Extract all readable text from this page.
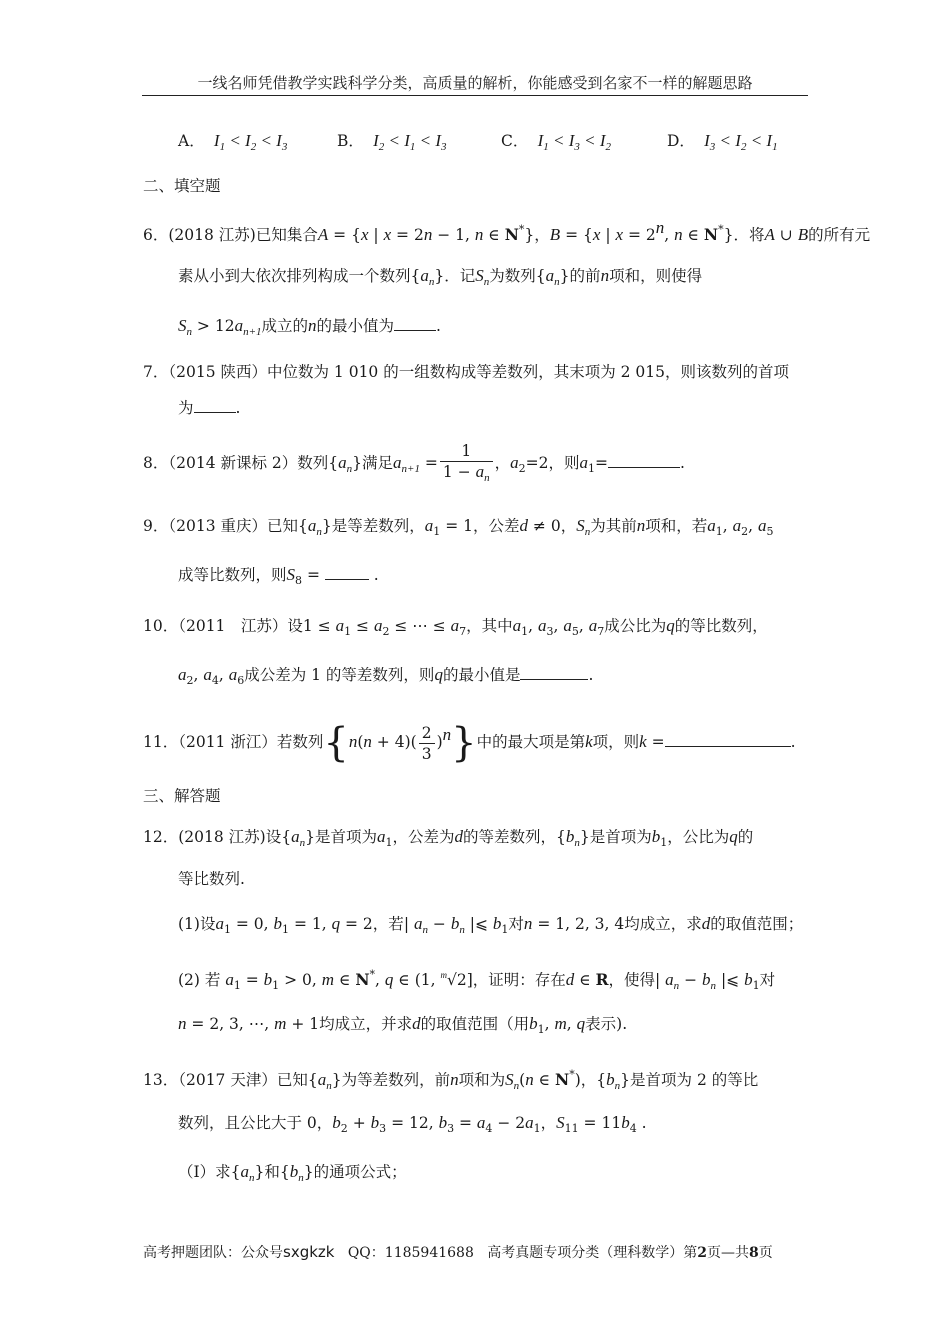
一线名师凭借教学实践科学分类，高质量的解析，你能感受到名家不一样的解题思路
A．  $I_1 < I_2 < I_3$	B．  $I_2 < I_1 < I_3$	C．  $I_1 < I_3 < I_2$	D．  $I_3 < I_2 < I_1$
二、填空题
6．(2018 江苏)已知集合A = {x | x = 2n − 1, n ∈ N*}，B = {x | $x = 2^n$, n ∈ N*}．将A ∪ B的所有元
素从小到大依次排列构成一个数列$\{a_n\}$．记$S_n$为数列$\{a_n\}$的前n项和，则使得
$S_n > 12a_{n+1}$成立的n的最小值为	.
7．（2015 陕西）中位数为 1 010 的一组数构成等差数列，其末项为 2 015，则该数列的首项
为	.
8．（2014 新课标 2）数列$\{a_n\}$满足$a_{n+1} = \frac{1}{1 - a_n}$ ，$a_2=2$，则$a_1=$	.
9．（2013 重庆）已知$\{a_n\}$是等差数列，$a_1 = 1$，公差d ≠ 0，$S_n$为其前n项和，若$a_1$, $a_2$, $a_5$
成等比数列，则$S_8$ =	.
10．（2011　江苏）设$1 \le a_1 \le a_2$ ≤ ⋯ ≤ $a_7$，其中$a_1$, $a_3$, $a_5$, $a_7$成公比为q的等比数列，
$a_2$, $a_4$, $a_6$成公差为 1 的等差数列，则q的最小值是	.
11．（2011 浙江）若数列$\{n(n + 4)( \frac{2}{3} )^n\}$中的最大项是第k项，则k =	.
三、解答题
12．(2018 江苏)设$\{a_n\}$是首项为$a_1$，公差为d的等差数列，$\{b_n\}$是首项为$b_1$，公比为q的
等比数列.
(1)设$a_1 = 0$, $b_1 = 1$, q = 2，若| $a_n - b_n$ |⩽ $b_1$对n = 1, 2, 3, 4均成立，求d的取值范围；
(2) 若 $a_1 = b_1 > 0$, m ∈ N*, q ∈ (1, $^m$√2]，证明：存在d ∈ R，使得| $a_n - b_n$ |⩽ $b_1$对
n = 2, 3, ⋯, m + 1均成立，并求d的取值范围（用$b_1$, m, q表示).
13．（2017 天津）已知$\{a_n\}$为等差数列，前n项和为$S_n(n$ ∈ N*)，$\{b_n\}$是首项为 2 的等比
数列，且公比大于 0，$b_2 + b_3 = 12$, $b_3 = a_4 - 2a_1$，$S_{11} = 11b_4$ .
（Ⅰ）求$\{a_n\}$和$\{b_n\}$的通项公式；
高考押题团队：公众号sxgkzk QQ：1185941688 高考真题专项分类（理科数学）第2页—共8页
